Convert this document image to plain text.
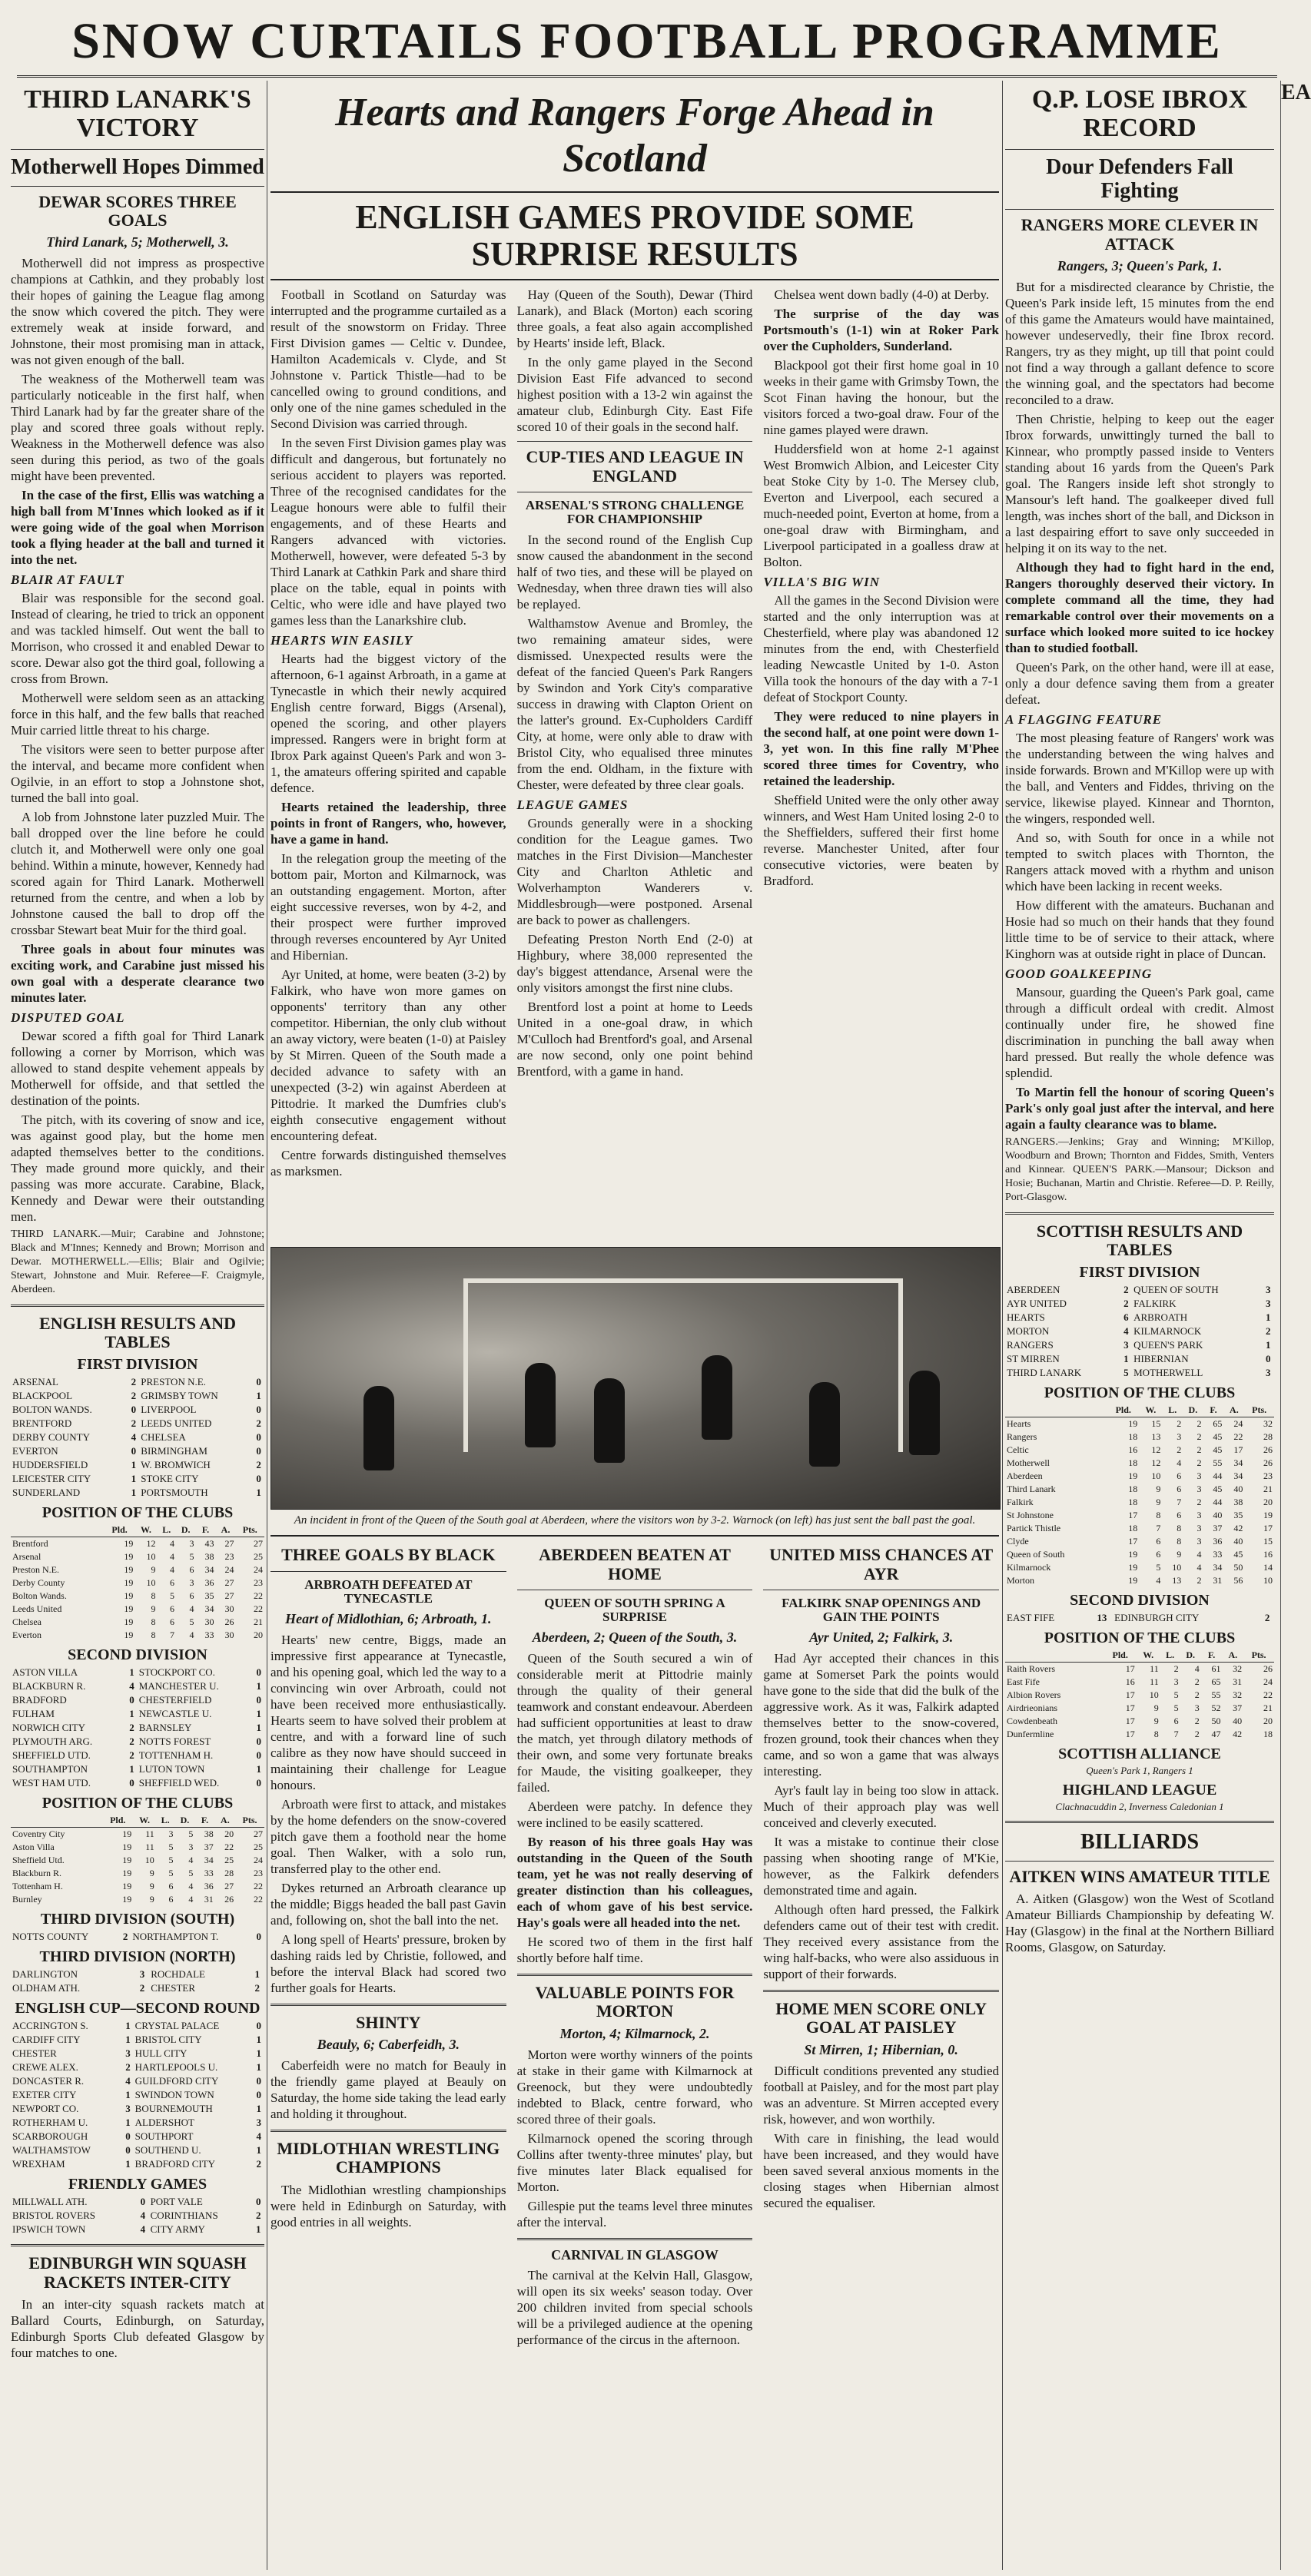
SNOW CURTAILS FOOTBALL PROGRAMME
THIRD LANARK'S VICTORY
Motherwell Hopes Dimmed
DEWAR SCORES THREE GOALS
Third Lanark, 5; Motherwell, 3.

Motherwell did not impress as prospective champions at Cathkin, and they probably lost their hopes of gaining the League flag among the snow which covered the pitch. They were extremely weak at inside forward, and Johnstone, their most promising man in attack, was not given enough of the ball.

The weakness of the Motherwell team was particularly noticeable in the first half, when Third Lanark had by far the greater share of the play and scored three goals without reply. Weakness in the Motherwell defence was also seen during this period, as two of the goals might have been prevented.

In the case of the first, Ellis was watching a high ball from M'Innes which looked as if it were going wide of the goal when Morrison took a flying header at the ball and turned it into the net.

BLAIR AT FAULT

Blair was responsible for the second goal. Instead of clearing, he tried to trick an opponent and was tackled himself. Out went the ball to Morrison, who crossed it and enabled Dewar to score. Dewar also got the third goal, following a cross from Brown.

Motherwell were seldom seen as an attacking force in this half, and the few balls that reached Muir carried little threat to his charge.

The visitors were seen to better purpose after the interval, and became more confident when Ogilvie, in an effort to stop a Johnstone shot, turned the ball into goal.

A lob from Johnstone later puzzled Muir. The ball dropped over the line before he could clutch it, and Motherwell were only one goal behind. Within a minute, however, Kennedy had scored again for Third Lanark. Motherwell returned from the centre, and when a lob by Johnstone caused the ball to drop off the crossbar Stewart beat Muir for the third goal.

Three goals in about four minutes was exciting work, and Carabine just missed his own goal with a desperate clearance two minutes later.

DISPUTED GOAL

Dewar scored a fifth goal for Third Lanark following a corner by Morrison, which was allowed to stand despite vehement appeals by Motherwell for offside, and that settled the destination of the points.

The pitch, with its covering of snow and ice, was against good play, but the home men adapted themselves better to the conditions. They made ground more quickly, and their passing was more accurate. Carabine, Black, Kennedy and Dewar were their outstanding men.

THIRD LANARK.—Muir; Carabine and Johnstone; Black and M'Innes; Kennedy and Brown; Morrison and Dewar. MOTHERWELL.—Ellis; Blair and Ogilvie; Stewart, Johnstone and Muir. Referee—F. Craigmyle, Aberdeen.
ENGLISH RESULTS AND TABLES
FIRST DIVISION
ARSENAL	2	PRESTON N.E.	0
BLACKPOOL	2	GRIMSBY TOWN	1
BOLTON WANDS.	0	LIVERPOOL	0
BRENTFORD	2	LEEDS UNITED	2
DERBY COUNTY	4	CHELSEA	0
EVERTON	0	BIRMINGHAM	0
HUDDERSFIELD	1	W. BROMWICH	2
LEICESTER CITY	1	STOKE CITY	0
SUNDERLAND	1	PORTSMOUTH	1
POSITION OF THE CLUBS
	Pld.	W.	L.	D.	F.	A.	Pts.
Brentford	19	12	4	3	43	27	27
Arsenal	19	10	4	5	38	23	25
Preston N.E.	19	9	4	6	34	24	24
Derby County	19	10	6	3	36	27	23
Bolton Wands.	19	8	5	6	35	27	22
Leeds United	19	9	6	4	34	30	22
Chelsea	19	8	6	5	30	26	21
Everton	19	8	7	4	33	30	20
SECOND DIVISION
ASTON VILLA	1	STOCKPORT CO.	0
BLACKBURN R.	4	MANCHESTER U.	1
BRADFORD	0	CHESTERFIELD	0
FULHAM	1	NEWCASTLE U.	1
NORWICH CITY	2	BARNSLEY	1
PLYMOUTH ARG.	2	NOTTS FOREST	0
SHEFFIELD UTD.	2	TOTTENHAM H.	0
SOUTHAMPTON	1	LUTON TOWN	1
WEST HAM UTD.	0	SHEFFIELD WED.	0
POSITION OF THE CLUBS
	Pld.	W.	L.	D.	F.	A.	Pts.
Coventry City	19	11	3	5	38	20	27
Aston Villa	19	11	5	3	37	22	25
Sheffield Utd.	19	10	5	4	34	25	24
Blackburn R.	19	9	5	5	33	28	23
Tottenham H.	19	9	6	4	36	27	22
Burnley	19	9	6	4	31	26	22
THIRD DIVISION (SOUTH)
NOTTS COUNTY	2	NORTHAMPTON T.	0
THIRD DIVISION (NORTH)
DARLINGTON	3	ROCHDALE	1
OLDHAM ATH.	2	CHESTER	2
ENGLISH CUP—SECOND ROUND
ACCRINGTON S.	1	CRYSTAL PALACE	0
CARDIFF CITY	1	BRISTOL CITY	1
CHESTER	3	HULL CITY	1
CREWE ALEX.	2	HARTLEPOOLS U.	1
DONCASTER R.	4	GUILDFORD CITY	0
EXETER CITY	1	SWINDON TOWN	0
NEWPORT CO.	3	BOURNEMOUTH	1
ROTHERHAM U.	1	ALDERSHOT	3
SCARBOROUGH	0	SOUTHPORT	4
WALTHAMSTOW	0	SOUTHEND U.	1
WREXHAM	1	BRADFORD CITY	2
FRIENDLY GAMES
MILLWALL ATH.	0	PORT VALE	0
BRISTOL ROVERS	4	CORINTHIANS	2
IPSWICH TOWN	4	CITY ARMY	1
EDINBURGH WIN SQUASH RACKETS INTER-CITY

In an inter-city squash rackets match at Ballard Courts, Edinburgh, on Saturday, Edinburgh Sports Club defeated Glasgow by four matches to one.

Hearts and Rangers Forge Ahead in Scotland
ENGLISH GAMES PROVIDE SOME SURPRISE RESULTS

Football in Scotland on Saturday was interrupted and the programme curtailed as a result of the snowstorm on Friday. Three First Division games — Celtic v. Dundee, Hamilton Academicals v. Clyde, and St Johnstone v. Partick Thistle—had to be cancelled owing to ground conditions, and only one of the nine games scheduled in the Second Division was carried through.

In the seven First Division games play was difficult and dangerous, but fortunately no serious accident to players was reported. Three of the recognised candidates for the League honours were able to fulfil their engagements, and of these Hearts and Rangers advanced with victories. Motherwell, however, were defeated 5-3 by Third Lanark at Cathkin Park and share third place on the table, equal in points with Celtic, who were idle and have played two games less than the Lanarkshire club.

HEARTS WIN EASILY

Hearts had the biggest victory of the afternoon, 6-1 against Arbroath, in a game at Tynecastle in which their newly acquired English centre forward, Biggs (Arsenal), opened the scoring, and other players impressed. Rangers were in bright form at Ibrox Park against Queen's Park and won 3-1, the amateurs offering spirited and capable defence.

Hearts retained the leadership, three points in front of Rangers, who, however, have a game in hand.

In the relegation group the meeting of the bottom pair, Morton and Kilmarnock, was an outstanding engagement. Morton, after eight successive reverses, won by 4-2, and their prospect were further improved through reverses encountered by Ayr United and Hibernian.

Ayr United, at home, were beaten (3-2) by Falkirk, who have won more games on opponents' territory than any other competitor. Hibernian, the only club without an away victory, were beaten (1-0) at Paisley by St Mirren. Queen of the South made a decided advance to safety with an unexpected (3-2) win against Aberdeen at Pittodrie. It marked the Dumfries club's eighth consecutive engagement without encountering defeat.

Centre forwards distinguished themselves as marksmen.

Hay (Queen of the South), Dewar (Third Lanark), and Black (Morton) each scoring three goals, a feat also again accomplished by Hearts' inside left, Black.

In the only game played in the Second Division East Fife advanced to second highest position with a 13-2 win against the amateur club, Edinburgh City. East Fife scored 10 of their goals in the second half.

CUP-TIES AND LEAGUE IN ENGLAND
ARSENAL'S STRONG CHALLENGE FOR CHAMPIONSHIP

In the second round of the English Cup snow caused the abandonment in the second half of two ties, and these will be played on Wednesday, when three drawn ties will also be replayed.

Walthamstow Avenue and Bromley, the two remaining amateur sides, were dismissed. Unexpected results were the defeat of the fancied Queen's Park Rangers by Swindon and York City's comparative success in drawing with Clapton Orient on the latter's ground. Ex-Cupholders Cardiff City, at home, were only able to draw with Bristol City, who equalised three minutes from the end. Oldham, in the fixture with Chester, were defeated by three clear goals.

LEAGUE GAMES

Grounds generally were in a shocking condition for the League games. Two matches in the First Division—Manchester City and Charlton Athletic and Wolverhampton Wanderers v. Middlesbrough—were postponed. Arsenal are back to power as challengers.

Defeating Preston North End (2-0) at Highbury, where 38,000 represented the day's biggest attendance, Arsenal were the only visitors amongst the first nine clubs.

Brentford lost a point at home to Leeds United in a one-goal draw, in which M'Culloch had Brentford's goal, and Arsenal are now second, only one point behind Brentford, with a game in hand.

Chelsea went down badly (4-0) at Derby.

The surprise of the day was Portsmouth's (1-1) win at Roker Park over the Cupholders, Sunderland.

Blackpool got their first home goal in 10 weeks in their game with Grimsby Town, the Scot Finan having the honour, but the visitors forced a two-goal draw. Four of the nine games played were drawn.

Huddersfield won at home 2-1 against West Bromwich Albion, and Leicester City beat Stoke City by 1-0. The Mersey club, Everton and Liverpool, each secured a much-needed point, Everton at home, from a one-goal draw with Birmingham, and Liverpool participated in a goalless draw at Bolton.

VILLA'S BIG WIN

All the games in the Second Division were started and the only interruption was at Chesterfield, where play was abandoned 12 minutes from the end, with Chesterfield leading Newcastle United by 1-0. Aston Villa took the honours of the day with a 7-1 defeat of Stockport County.

They were reduced to nine players in the second half, at one point were down 1-3, yet won. In this fine rally M'Phee scored three times for Coventry, who retained the leadership.

Sheffield United were the only other away winners, and West Ham United losing 2-0 to the Sheffielders, suffered their first home reverse. Manchester United, after four consecutive victories, were beaten by Bradford.

An incident in front of the Queen of the South goal at Aberdeen, where the visitors won by 3-2. Warnock (on left) has just sent the ball past the goal.
THREE GOALS BY BLACK
ARBROATH DEFEATED AT TYNECASTLE
Heart of Midlothian, 6; Arbroath, 1.

Hearts' new centre, Biggs, made an impressive first appearance at Tynecastle, and his opening goal, which led the way to a convincing win over Arbroath, could not have been received more enthusiastically. Hearts seem to have solved their problem at centre, and with a forward line of such calibre as they now have should succeed in maintaining their challenge for League honours.

Arbroath were first to attack, and mistakes by the home defenders on the snow-covered pitch gave them a foothold near the home goal. Then Walker, with a solo run, transferred play to the other end.

Dykes returned an Arbroath clearance up the middle; Biggs headed the ball past Gavin and, following on, shot the ball into the net.

A long spell of Hearts' pressure, broken by dashing raids led by Christie, followed, and before the interval Black had scored two further goals for Hearts.

SHINTY
Beauly, 6; Caberfeidh, 3.

Caberfeidh were no match for Beauly in the friendly game played at Beauly on Saturday, the home side taking the lead early and holding it throughout.

MIDLOTHIAN WRESTLING CHAMPIONS

The Midlothian wrestling championships were held in Edinburgh on Saturday, with good entries in all weights.

ABERDEEN BEATEN AT HOME
QUEEN OF SOUTH SPRING A SURPRISE
Aberdeen, 2; Queen of the South, 3.

Queen of the South secured a win of considerable merit at Pittodrie mainly through the quality of their general teamwork and constant endeavour. Aberdeen had sufficient opportunities at least to draw the match, yet through dilatory methods of their own, and some very fortunate breaks for Maude, the visiting goalkeeper, they failed.

Aberdeen were patchy. In defence they were inclined to be easily scattered.

By reason of his three goals Hay was outstanding in the Queen of the South team, yet he was not really deserving of greater distinction than his colleagues, each of whom gave of his best service. Hay's goals were all headed into the net.

He scored two of them in the first half shortly before half time.

VALUABLE POINTS FOR MORTON
Morton, 4; Kilmarnock, 2.

Morton were worthy winners of the points at stake in their game with Kilmarnock at Greenock, but they were undoubtedly indebted to Black, centre forward, who scored three of their goals.

Kilmarnock opened the scoring through Collins after twenty-three minutes' play, but five minutes later Black equalised for Morton.

Gillespie put the teams level three minutes after the interval.

CARNIVAL IN GLASGOW

The carnival at the Kelvin Hall, Glasgow, will open its six weeks' season today. Over 200 children invited from special schools will be a privileged audience at the opening performance of the circus in the afternoon.

UNITED MISS CHANCES AT AYR
FALKIRK SNAP OPENINGS AND GAIN THE POINTS
Ayr United, 2; Falkirk, 3.

Had Ayr accepted their chances in this game at Somerset Park the points would have gone to the side that did the bulk of the aggressive work. As it was, Falkirk adapted themselves better to the snow-covered, frozen ground, took their chances when they came, and so won a game that was always interesting.

Ayr's fault lay in being too slow in attack. Much of their approach play was well conceived and cleverly executed.

It was a mistake to continue their close passing when shooting range of M'Kie, however, as the Falkirk defenders demonstrated time and again.

Although often hard pressed, the Falkirk defenders came out of their test with credit. They received every assistance from the wing half-backs, who were also assiduous in support of their forwards.

HOME MEN SCORE ONLY GOAL AT PAISLEY
St Mirren, 1; Hibernian, 0.

Difficult conditions prevented any studied football at Paisley, and for the most part play was an adventure. St Mirren accepted every risk, however, and won worthily.

With care in finishing, the lead would have been increased, and they would have been saved several anxious moments in the closing stages when Hibernian almost secured the equaliser.

Q.P. LOSE IBROX RECORD
Dour Defenders Fall Fighting
RANGERS MORE CLEVER IN ATTACK
Rangers, 3; Queen's Park, 1.

But for a misdirected clearance by Christie, the Queen's Park inside left, 15 minutes from the end of this game the Amateurs would have maintained, however undeservedly, their fine Ibrox record. Rangers, try as they might, up till that point could not find a way through a gallant defence to score the winning goal, and the spectators had become reconciled to a draw.

Then Christie, helping to keep out the eager Ibrox forwards, unwittingly turned the ball to Kinnear, who promptly passed inside to Venters standing about 16 yards from the Queen's Park goal. The Rangers inside left shot strongly to Mansour's left hand. The goalkeeper dived full length, was inches short of the ball, and Dickson in a last despairing effort to save only succeeded in helping it on its way to the net.

Although they had to fight hard in the end, Rangers thoroughly deserved their victory. In complete command all the time, they had remarkable control over their movements on a surface which looked more suited to ice hockey than to studied football.

Queen's Park, on the other hand, were ill at ease, only a dour defence saving them from a greater defeat.

A FLAGGING FEATURE

The most pleasing feature of Rangers' work was the understanding between the wing halves and inside forwards. Brown and M'Killop were up with the ball, and Venters and Fiddes, thriving on the service, likewise played. Kinnear and Thornton, the wingers, responded well.

And so, with South for once in a while not tempted to switch places with Thornton, the Rangers attack moved with a rhythm and unison which have been lacking in recent weeks.

How different with the amateurs. Buchanan and Hosie had so much on their hands that they found little time to be of service to their attack, where Kinghorn was at outside right in place of Duncan.

GOOD GOALKEEPING

Mansour, guarding the Queen's Park goal, came through a difficult ordeal with credit. Almost continually under fire, he showed fine discrimination in punching the ball away when hard pressed. But really the whole defence was splendid.

To Martin fell the honour of scoring Queen's Park's only goal just after the interval, and here again a faulty clearance was to blame.

RANGERS.—Jenkins; Gray and Winning; M'Killop, Woodburn and Brown; Thornton and Fiddes, Smith, Venters and Kinnear. QUEEN'S PARK.—Mansour; Dickson and Hosie; Buchanan, Martin and Christie. Referee—D. P. Reilly, Port-Glasgow.
SCOTTISH RESULTS AND TABLES
FIRST DIVISION
ABERDEEN	2	QUEEN OF SOUTH	3
AYR UNITED	2	FALKIRK	3
HEARTS	6	ARBROATH	1
MORTON	4	KILMARNOCK	2
RANGERS	3	QUEEN'S PARK	1
ST MIRREN	1	HIBERNIAN	0
THIRD LANARK	5	MOTHERWELL	3
POSITION OF THE CLUBS
	Pld.	W.	L.	D.	F.	A.	Pts.
Hearts	19	15	2	2	65	24	32
Rangers	18	13	3	2	45	22	28
Celtic	16	12	2	2	45	17	26
Motherwell	18	12	4	2	55	34	26
Aberdeen	19	10	6	3	44	34	23
Third Lanark	18	9	6	3	45	40	21
Falkirk	18	9	7	2	44	38	20
St Johnstone	17	8	6	3	40	35	19
Partick Thistle	18	7	8	3	37	42	17
Clyde	17	6	8	3	36	40	15
Queen of South	19	6	9	4	33	45	16
Kilmarnock	19	5	10	4	34	50	14
Morton	19	4	13	2	31	56	10
SECOND DIVISION
EAST FIFE	13	EDINBURGH CITY	2
POSITION OF THE CLUBS
	Pld.	W.	L.	D.	F.	A.	Pts.
Raith Rovers	17	11	2	4	61	32	26
East Fife	16	11	3	2	65	31	24
Albion Rovers	17	10	5	2	55	32	22
Airdrieonians	17	9	5	3	52	37	21
Cowdenbeath	17	9	6	2	50	40	20
Dunfermline	17	8	7	2	47	42	18
SCOTTISH ALLIANCE
Queen's Park 1, Rangers 1
HIGHLAND LEAGUE
Clachnacuddin 2, Inverness Caledonian 1
BILLIARDS
AITKEN WINS AMATEUR TITLE

A. Aitken (Glasgow) won the West of Scotland Amateur Billiards Championship by defeating W. Hay (Glasgow) in the final at the Northern Billiard Rooms, Glasgow, on Saturday.

EA
